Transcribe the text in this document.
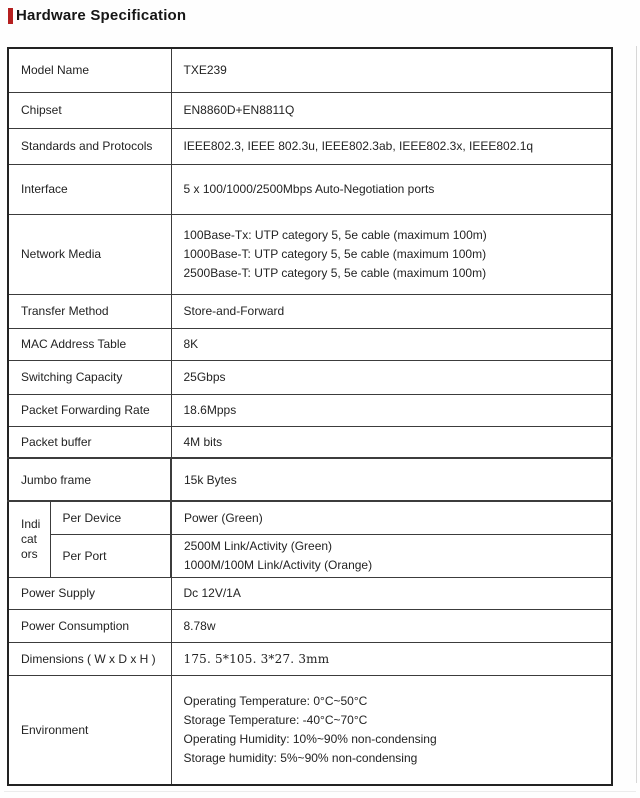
Hardware Specification
Model Name		TXE239
Chipset		EN8860D+EN8811Q
Standards and Protocols		IEEE802.3, IEEE 802.3u, IEEE802.3ab, IEEE802.3x, IEEE802.1q
Interface		5 x 100/1000/2500Mbps Auto-Negotiation ports
Network Media		100Base-Tx: UTP category 5, 5e cable (maximum 100m)
1000Base-T: UTP category 5, 5e cable (maximum 100m)
2500Base-T: UTP category 5, 5e cable (maximum 100m)

Transfer Method		Store-and-Forward
MAC Address Table		8K
Switching Capacity		25Gbps
Packet Forwarding Rate		18.6Mpps
Packet buffer		4M bits
Jumbo frame		15k Bytes
Indicators	Per Device	Power (Green)
	Per Port	2500M Link/Activity (Green)
1000M/100M Link/Activity (Orange)

Power Supply		Dc 12V/1A
Power Consumption		8.78w
Dimensions ( W x D x H )		175. 5*105. 3*27. 3mm
Environment		Operating Temperature: 0°C~50°C
Storage Temperature: -40°C~70°C
Operating Humidity: 10%~90% non-condensing
Storage humidity: 5%~90% non-condensing
